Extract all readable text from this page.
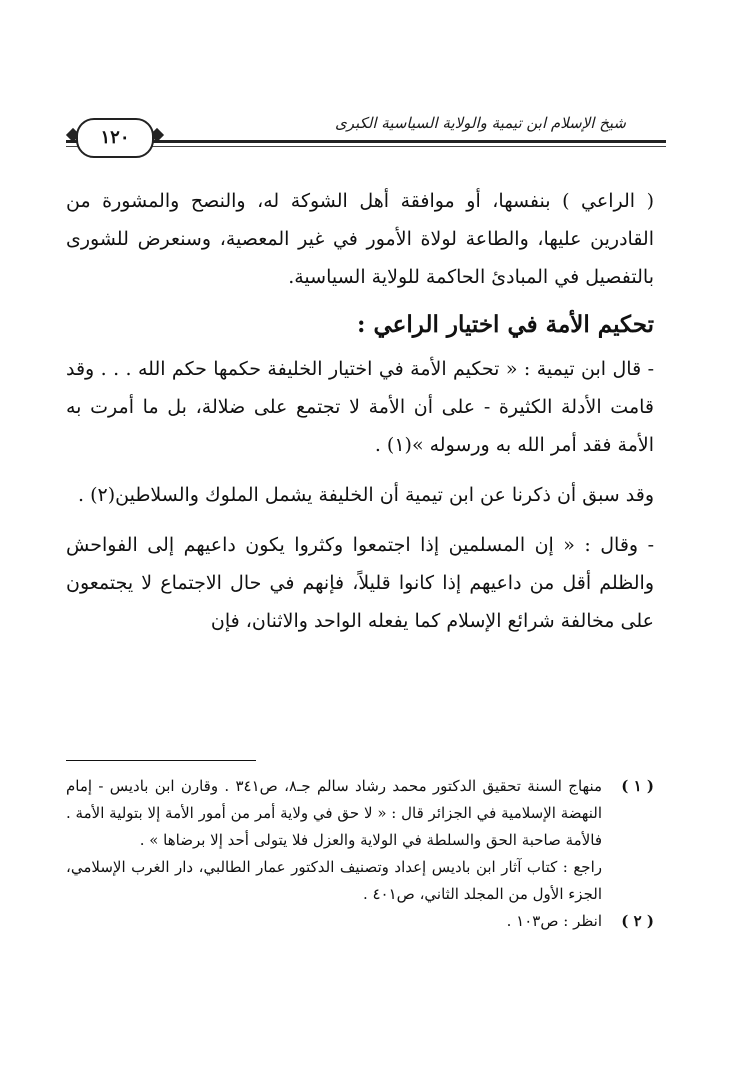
شيخ الإسلام ابن تيمية والولاية السياسية الكبرى
١٢٠

( الراعي ) بنفسها، أو موافقة أهل الشوكة له، والنصح والمشورة من القادرين عليها، والطاعة لولاة الأمور في غير المعصية، وسنعرض للشورى بالتفصيل في المبادئ الحاكمة للولاية السياسية.

تحكيم الأمة في اختيار الراعي :

- قال ابن تيمية : « تحكيم الأمة في اختيار الخليفة حكمها حكم الله . . . وقد قامت الأدلة الكثيرة - على أن الأمة لا تجتمع على ضلالة، بل ما أمرت به الأمة فقد أمر الله به ورسوله »(١) .

وقد سبق أن ذكرنا عن ابن تيمية أن الخليفة يشمل الملوك والسلاطين(٢) .

- وقال : « إن المسلمين إذا اجتمعوا وكثروا يكون داعيهم إلى الفواحش والظلم أقل من داعيهم إذا كانوا قليلاً، فإنهم في حال الاجتماع لا يجتمعون على مخالفة شرائع الإسلام كما يفعله الواحد والاثنان، فإن

( ١ )
منهاج السنة تحقيق الدكتور محمد رشاد سالم جـ٨، ص٣٤١ . وقارن ابن باديس - إمام النهضة الإسلامية في الجزائر قال : « لا حق في ولاية أمر من أمور الأمة إلا بتولية الأمة . فالأمة صاحبة الحق والسلطة في الولاية والعزل فلا يتولى أحد إلا برضاها » .

راجع : كتاب آثار ابن باديس إعداد وتصنيف الدكتور عمار الطالبي، دار الغرب الإسلامي، الجزء الأول من المجلد الثاني، ص٤٠١ .

( ٢ )
انظر : ص١٠٣ .
